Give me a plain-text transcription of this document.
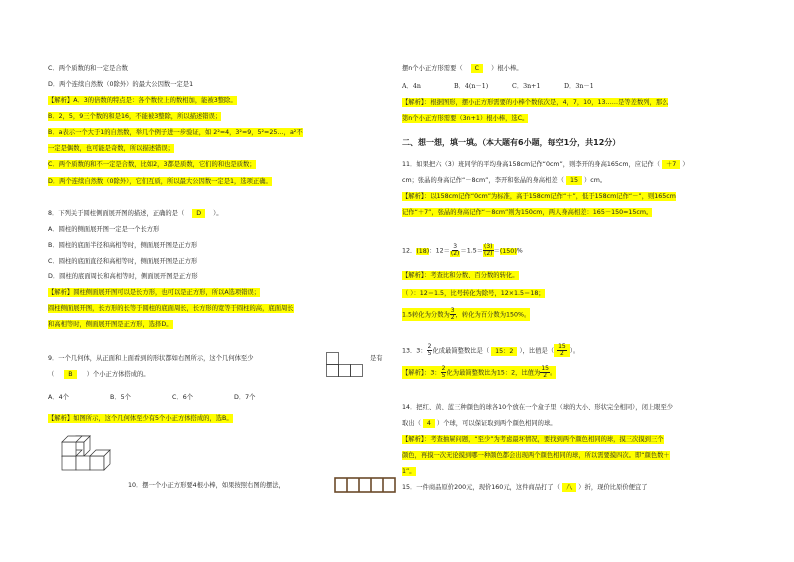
C．两个质数的和一定是合数
D．两个连续自然数（0除外）的最大公因数一定是1
【解析】A．3的倍数的特点是：各个数位上的数相加，能被3整除。
B．2，5，9三个数的和是16，不能被3整除，所以描述错误；
B．a表示一个大于1的自然数，举几个例子进一步验证，如 2²=4，3²=9，5²=25…，a²不
一定是偶数，也可能是奇数，所以描述错误；
C．两个质数的和不一定是合数，比如2，3都是质数，它们的和也是质数；
D．两个连续自然数（0除外），它们互质，所以最大公因数一定是1，选项正确。
8．下列关于圆柱侧面展开图的描述，正确的是（ D ）。
A．圆柱的侧面展开图一定是一个长方形
B．圆柱的底面半径和高相等时，侧面展开图是正方形
C．圆柱的底面直径和高相等时，侧面展开图是正方形
D．圆柱的底面周长和高相等时，侧面展开图是正方形
【解析】圆柱侧面展开图可以是长方形，也可以是正方形，所以A选项错误；
圆柱侧面展开图，长方形的长等于圆柱的底面周长，长方形的宽等于圆柱的高，底面周长
和高相等时，侧面展开图是正方形，选择D。
9．一个几何体，从正面和上面看到的形状都如右图所示，这个几何体至少	是有
（ B ）个小正方体搭成的。
A．4个	B．5个	C．6个	D．7个
【解析】如图所示，这个几何体至少有5个小正方体搭成的，选B。
10．摆一个小正方形要4根小棒，如果按照右图的摆法，
摆n个小正方形需要（ C ）根小棒。
A．4n	B．4(n－1)	C．3n+1	D．3n－1
【解析】：根据图形，摆小正方形需要的小棒个数依次是，4，7，10，13……是等差数列，那么
第n个小正方形需要（3n+1）根小棒，选C。
二、想一想，填一填。（本大题有6小题，每空1分，共12分）
11．如果把六（3）班同学的平均身高158cm记作“0cm”，则李开的身高165cm，应记作（ ＋7 ）
cm；张晶的身高记作“－8cm”，李开和张晶的身高相差（ 15 ）cm。
【解析】：以158cm记作“0cm”为标准，高于158cm记作“＋”，低于158cm记作“－”，则165cm
记作“＋7”，张晶的身高记作“－8cm”则为150cm，两人身高相差：165－150=15cm。
12．(18)：$12= \frac{3}{(2)} =1.5= \frac{(3)}{(2)} =(150)\%$
【解析】：考查比和分数、百分数的转化。
（ ）：12＝1.5，比号转化为除号，12×1.5＝18；
1.5转化为分数为 $\frac{3}{2}$ ，转化为百分数为150%。
13．3： $\frac{2}{5}$ 化成最简整数比是（ 15：2 ），比值是（ $\frac{15}{2}$ ）。
【解析】：3： $\frac{2}{5}$ 化为最简整数比为15：2，比值为 $\frac{15}{2}$ 。
14．把红、黄、蓝三种颜色的球各10个放在一个盒子里（球的大小、形状完全相同），闭上眼至少
取出（ 4 ）个球，可以保证取到两个颜色相同的球。
【解析】：考查抽屉问题，“至少”为考虑最坏情况，要找到两个颜色相同的球，摸三次摸到三个
颜色，再摸一次无论摸到哪一种颜色都会出现两个颜色相同的球，所以需要摸四次。即“颜色数＋
1”。
15．一件商品原价200元，现价160元，这件商品打了（ 八 ）折，现价比原价便宜了
